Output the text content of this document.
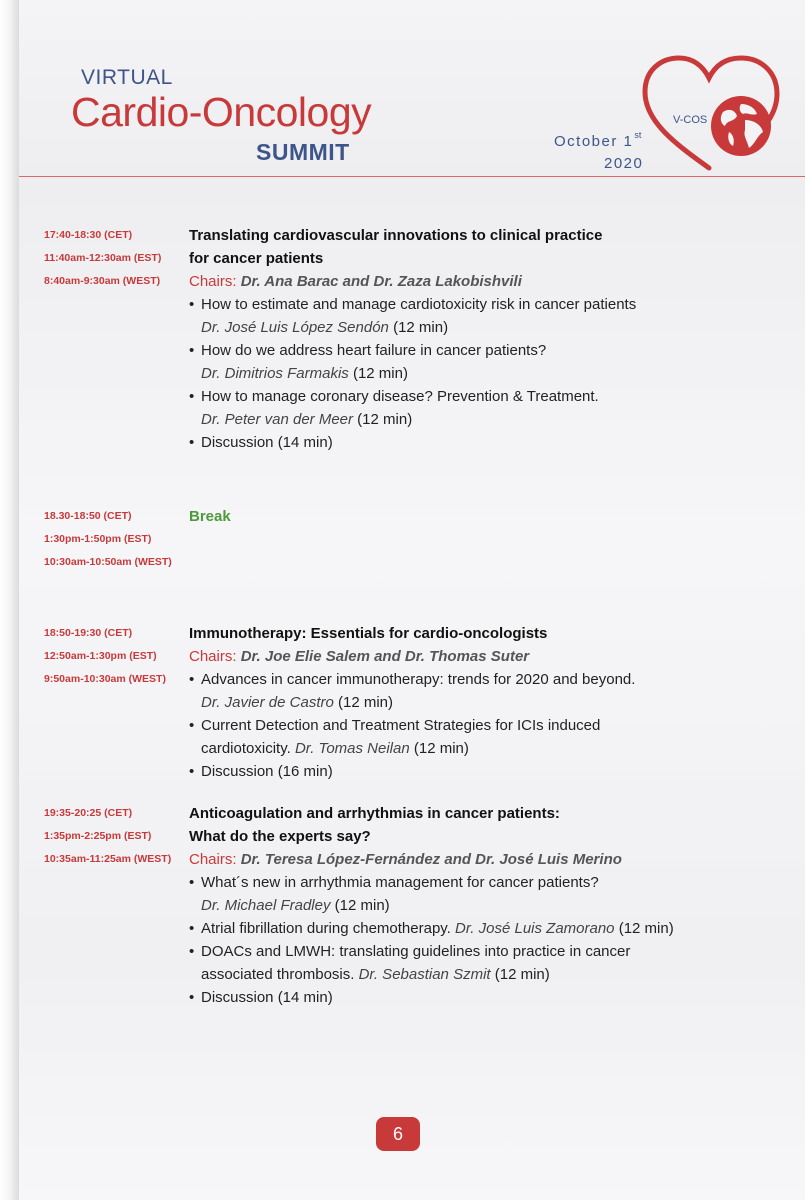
VIRTUAL
Cardio-Oncology
SUMMIT	October 1st
2020
V-COS
17:40-18:30 (CET)
11:40am-12:30am (EST)
8:40am-9:30am (WEST)
Translating cardiovascular innovations to clinical practice
for cancer patients
Chairs: Dr. Ana Barac and Dr. Zaza Lakobishvili
• How to estimate and manage cardiotoxicity risk in cancer patients
Dr. José Luis López Sendón (12 min)
• How do we address heart failure in cancer patients?
Dr. Dimitrios Farmakis (12 min)
• How to manage coronary disease? Prevention & Treatment.
Dr. Peter van der Meer (12 min)
• Discussion (14 min)
18.30-18:50 (CET)
1:30pm-1:50pm (EST)
10:30am-10:50am (WEST)
Break
18:50-19:30 (CET)
12:50am-1:30pm (EST)
9:50am-10:30am (WEST)
Immunotherapy: Essentials for cardio-oncologists
Chairs: Dr. Joe Elie Salem and Dr. Thomas Suter
• Advances in cancer immunotherapy: trends for 2020 and beyond.
Dr. Javier de Castro (12 min)
• Current Detection and Treatment Strategies for ICIs induced
cardiotoxicity. Dr. Tomas Neilan (12 min)
• Discussion (16 min)
19:35-20:25 (CET)
1:35pm-2:25pm (EST)
10:35am-11:25am (WEST)
Anticoagulation and arrhythmias in cancer patients:
What do the experts say?
Chairs: Dr. Teresa López-Fernández and Dr. José Luis Merino
• What´s new in arrhythmia management for cancer patients?
Dr. Michael Fradley (12 min)
• Atrial fibrillation during chemotherapy. Dr. José Luis Zamorano (12 min)
• DOACs and LMWH: translating guidelines into practice in cancer
associated thrombosis. Dr. Sebastian Szmit (12 min)
• Discussion (14 min)
6
